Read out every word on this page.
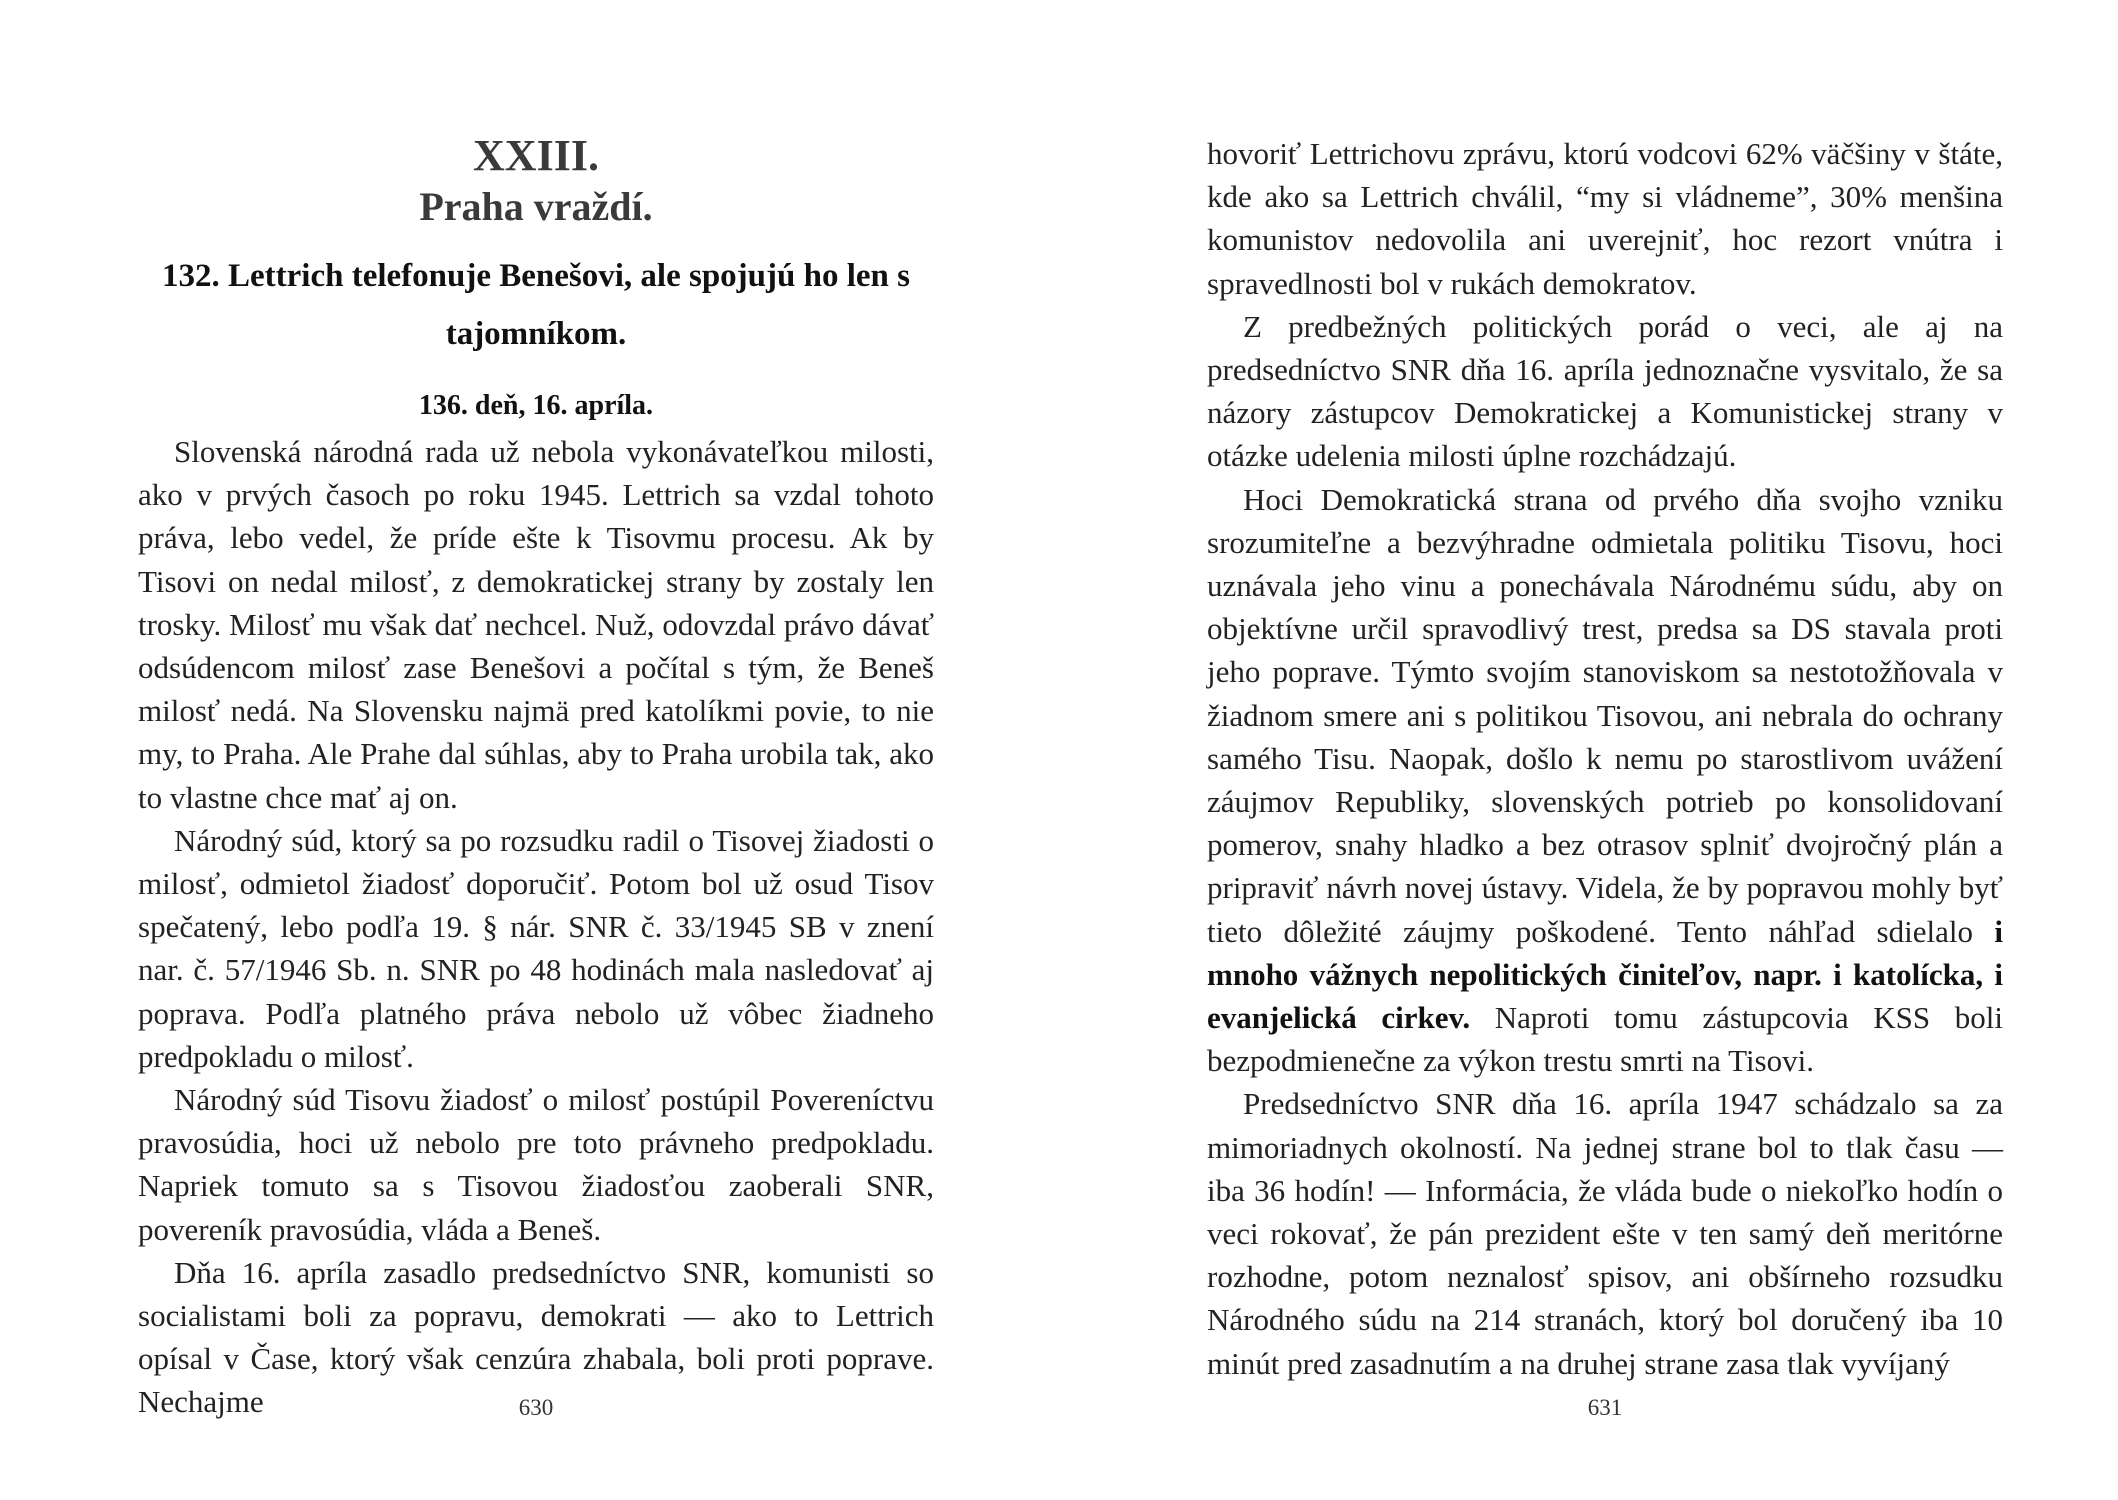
XXIII.
Praha vraždí.
132. Lettrich telefonuje Benešovi, ale spojujú ho len s tajomníkom.
136. deň, 16. apríla.

Slovenská národná rada už nebola vykonávateľkou milosti, ako v prvých časoch po roku 1945. Lettrich sa vzdal tohoto práva, lebo vedel, že príde ešte k Tisovmu procesu. Ak by Tisovi on nedal milosť, z demokratickej strany by zostaly len trosky. Milosť mu však dať nechcel. Nuž, odovzdal právo dávať odsúdencom milosť zase Benešovi a počítal s tým, že Beneš milosť nedá. Na Slovensku najmä pred katolíkmi povie, to nie my, to Praha. Ale Prahe dal súhlas, aby to Praha urobila tak, ako to vlastne chce mať aj on.

Národný súd, ktorý sa po rozsudku radil o Tisovej žiadosti o milosť, odmietol žiadosť doporučiť. Potom bol už osud Tisov spečatený, lebo podľa 19. § nár. SNR č. 33/1945 SB v znení nar. č. 57/1946 Sb. n. SNR po 48 hodinách mala nasledovať aj poprava. Podľa platného práva nebolo už vôbec žiadneho predpokladu o milosť.

Národný súd Tisovu žiadosť o milosť postúpil Povereníctvu pravosúdia, hoci už nebolo pre toto právneho predpokladu. Napriek tomuto sa s Tisovou žiadosťou zaoberali SNR, povereník pravosúdia, vláda a Beneš.

Dňa 16. apríla zasadlo predsedníctvo SNR, komunisti so socialistami boli za popravu, demokrati — ako to Lettrich opísal v Čase, ktorý však cenzúra zhabala, boli proti poprave. Nechajme	630

hovoriť Lettrichovu zprávu, ktorú vodcovi 62% väčšiny v štáte, kde ako sa Lettrich chválil, “my si vládneme”, 30% menšina komunistov nedovolila ani uverejniť, hoc rezort vnútra i spravedlnosti bol v rukách demokratov.

Z predbežných politických porád o veci, ale aj na predsedníctvo SNR dňa 16. apríla jednoznačne vysvitalo, že sa názory zástupcov Demokratickej a Komunistickej strany v otázke udelenia milosti úplne rozchádzajú.

Hoci Demokratická strana od prvého dňa svojho vzniku srozumiteľne a bezvýhradne odmietala politiku Tisovu, hoci uznávala jeho vinu a ponechávala Národnému súdu, aby on objektívne určil spravodlivý trest, predsa sa DS stavala proti jeho poprave. Týmto svojím stanoviskom sa nestotožňovala v žiadnom smere ani s politikou Tisovou, ani nebrala do ochrany samého Tisu. Naopak, došlo k nemu po starostlivom uvážení záujmov Republiky, slovenských potrieb po konsolidovaní pomerov, snahy hladko a bez otrasov splniť dvojročný plán a pripraviť návrh novej ústavy. Videla, že by popravou mohly byť tieto dôležité záujmy poškodené. Tento náhľad sdielalo i mnoho vážnych nepolitických činiteľov, napr. i katolícka, i evanjelická cirkev. Naproti tomu zástupcovia KSS boli bezpodmienečne za výkon trestu smrti na Tisovi.

Predsedníctvo SNR dňa 16. apríla 1947 schádzalo sa za mimoriadnych okolností. Na jednej strane bol to tlak času — iba 36 hodín! — Informácia, že vláda bude o niekoľko hodín o veci rokovať, že pán prezident ešte v ten samý deň meritórne rozhodne, potom neznalosť spisov, ani obšírneho rozsudku Národného súdu na 214 stranách, ktorý bol doručený iba 10 minút pred zasadnutím a na druhej strane zasa tlak vyvíjaný

631
